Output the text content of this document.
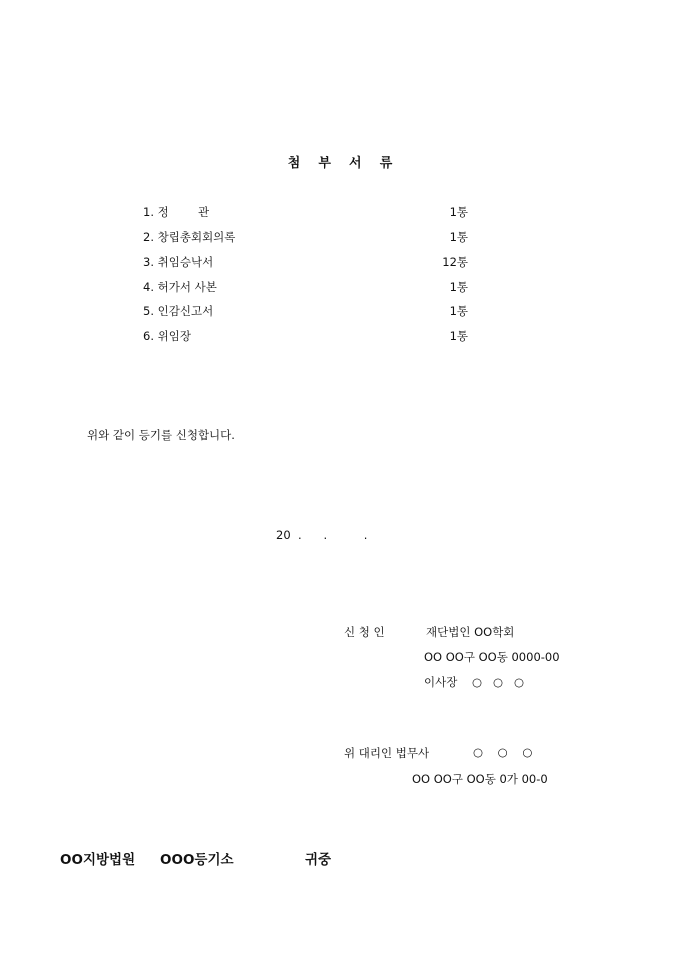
첨    부    서    류
1. 정        관	1통
2. 창립총회회의록	1통
3. 취임승낙서	12통
4. 허가서 사본	1통
5. 인감신고서	1통
6. 위임장	1통
위와 같이 등기를 신청합니다.
20  .      .          .
신 청 인	재단법인 OO학회
OO OO구 OO동 0000-00
이사장    ○   ○   ○
위 대리인 법무사	○    ○    ○
OO OO구 OO동 0가 00-0
OO지방법원 OOO등기소	귀중
